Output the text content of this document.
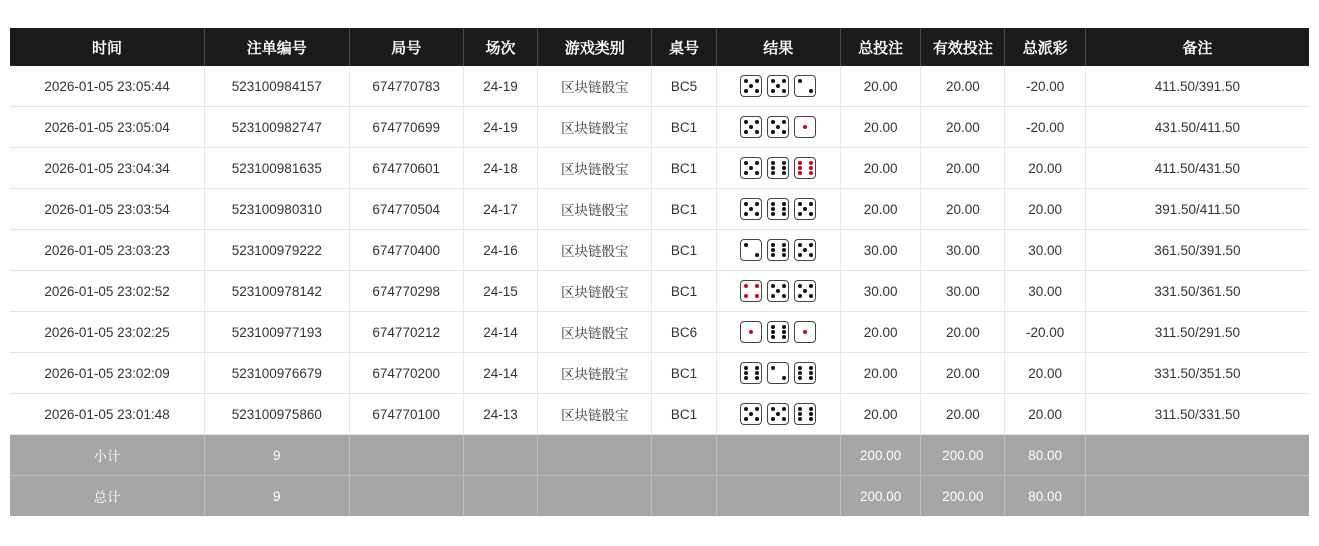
时间	注单编号	局号	场次	游戏类别	桌号	结果	总投注	有效投注	总派彩	备注
2026-01-05 23:05:44	523100984157	674770783	24-19	区块链骰宝	BC5		20.00	20.00	-20.00	411.50/391.50
2026-01-05 23:05:04	523100982747	674770699	24-19	区块链骰宝	BC1		20.00	20.00	-20.00	431.50/411.50
2026-01-05 23:04:34	523100981635	674770601	24-18	区块链骰宝	BC1		20.00	20.00	20.00	411.50/431.50
2026-01-05 23:03:54	523100980310	674770504	24-17	区块链骰宝	BC1		20.00	20.00	20.00	391.50/411.50
2026-01-05 23:03:23	523100979222	674770400	24-16	区块链骰宝	BC1		30.00	30.00	30.00	361.50/391.50
2026-01-05 23:02:52	523100978142	674770298	24-15	区块链骰宝	BC1		30.00	30.00	30.00	331.50/361.50
2026-01-05 23:02:25	523100977193	674770212	24-14	区块链骰宝	BC6		20.00	20.00	-20.00	311.50/291.50
2026-01-05 23:02:09	523100976679	674770200	24-14	区块链骰宝	BC1		20.00	20.00	20.00	331.50/351.50
2026-01-05 23:01:48	523100975860	674770100	24-13	区块链骰宝	BC1		20.00	20.00	20.00	311.50/331.50
小计	9						200.00	200.00	80.00	
总计	9						200.00	200.00	80.00	
